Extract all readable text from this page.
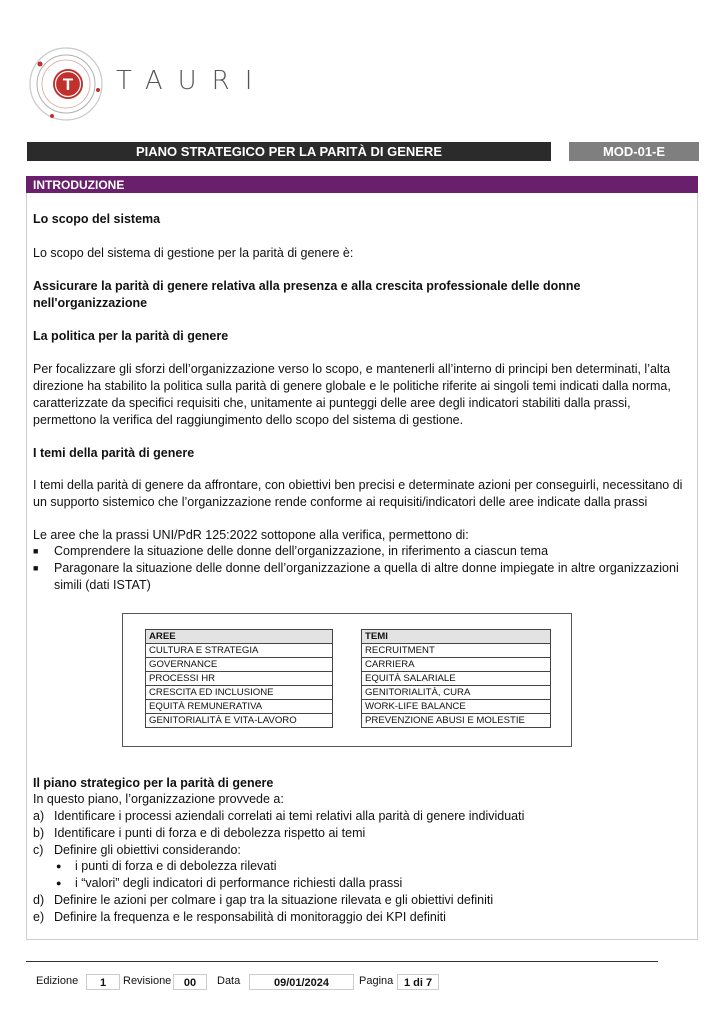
T TAURI
PIANO STRATEGICO PER LA PARITÀ DI GENERE	MOD-01-E
INTRODUZIONE
Lo scopo del sistema
Lo scopo del sistema di gestione per la parità di genere è:
Assicurare la parità di genere relativa alla presenza e alla crescita professionale delle donne nell'organizzazione
La politica per la parità di genere
Per focalizzare gli sforzi dell’organizzazione verso lo scopo, e mantenerli all’interno di principi ben determinati, l’alta direzione ha stabilito la politica sulla parità di genere globale e le politiche riferite ai singoli temi indicati dalla norma, caratterizzate da specifici requisiti che, unitamente ai punteggi delle aree degli indicatori stabiliti dalla prassi, permettono la verifica del raggiungimento dello scopo del sistema di gestione.
I temi della parità di genere
I temi della parità di genere da affrontare, con obiettivi ben precisi e determinate azioni per conseguirli, necessitano di un supporto sistemico che l’organizzazione rende conforme ai requisiti/indicatori delle aree indicate dalla prassi
Le aree che la prassi UNI/PdR 125:2022 sottopone alla verifica, permettono di:
■ Comprendere la situazione delle donne dell’organizzazione, in riferimento a ciascun tema
■ Paragonare la situazione delle donne dell’organizzazione a quella di altre donne impiegate in altre organizzazioni simili (dati ISTAT)
AREE
CULTURA E STRATEGIA
GOVERNANCE
PROCESSI HR
CRESCITA ED INCLUSIONE
EQUITÀ REMUNERATIVA
GENITORIALITÀ E VITA-LAVORO
TEMI
RECRUITMENT
CARRIERA
EQUITÀ SALARIALE
GENITORIALITÀ, CURA
WORK-LIFE BALANCE
PREVENZIONE ABUSI E MOLESTIE
Il piano strategico per la parità di genere
In questo piano, l’organizzazione provvede a:
a) Identificare i processi aziendali correlati ai temi relativi alla parità di genere individuati
b) Identificare i punti di forza e di debolezza rispetto ai temi
c) Definire gli obiettivi considerando:
●	i punti di forza e di debolezza rilevati
●	i “valori” degli indicatori di performance richiesti dalla prassi
d) Definire le azioni per colmare i gap tra la situazione rilevata e gli obiettivi definiti
e) Definire la frequenza e le responsabilità di monitoraggio dei KPI definiti
Edizione	1	Revisione	00	Data	09/01/2024	Pagina 1 di 7
